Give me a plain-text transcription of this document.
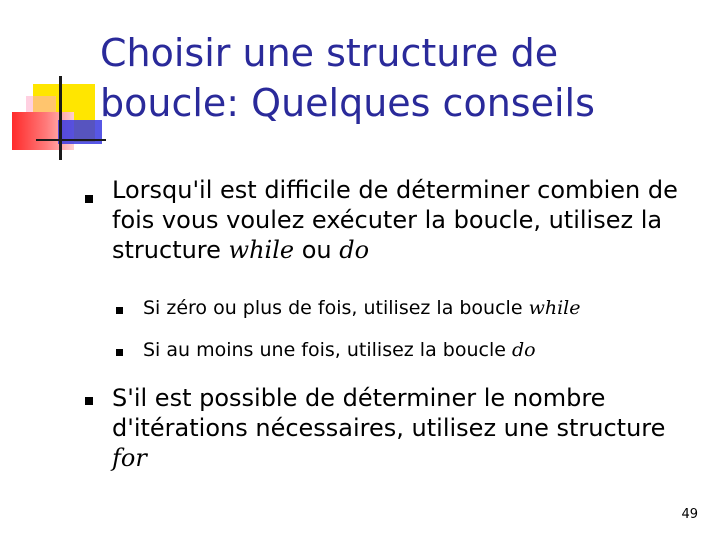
Choisir une structure de
boucle: Quelques conseils
Lorsqu'il est difficile de déterminer combien de
fois vous voulez exécuter la boucle, utilisez la
structure while ou do
Si zéro ou plus de fois, utilisez la boucle while
Si au moins une fois, utilisez la boucle do
S'il est possible de déterminer le nombre
d'itérations nécessaires, utilisez une structure
for
49
